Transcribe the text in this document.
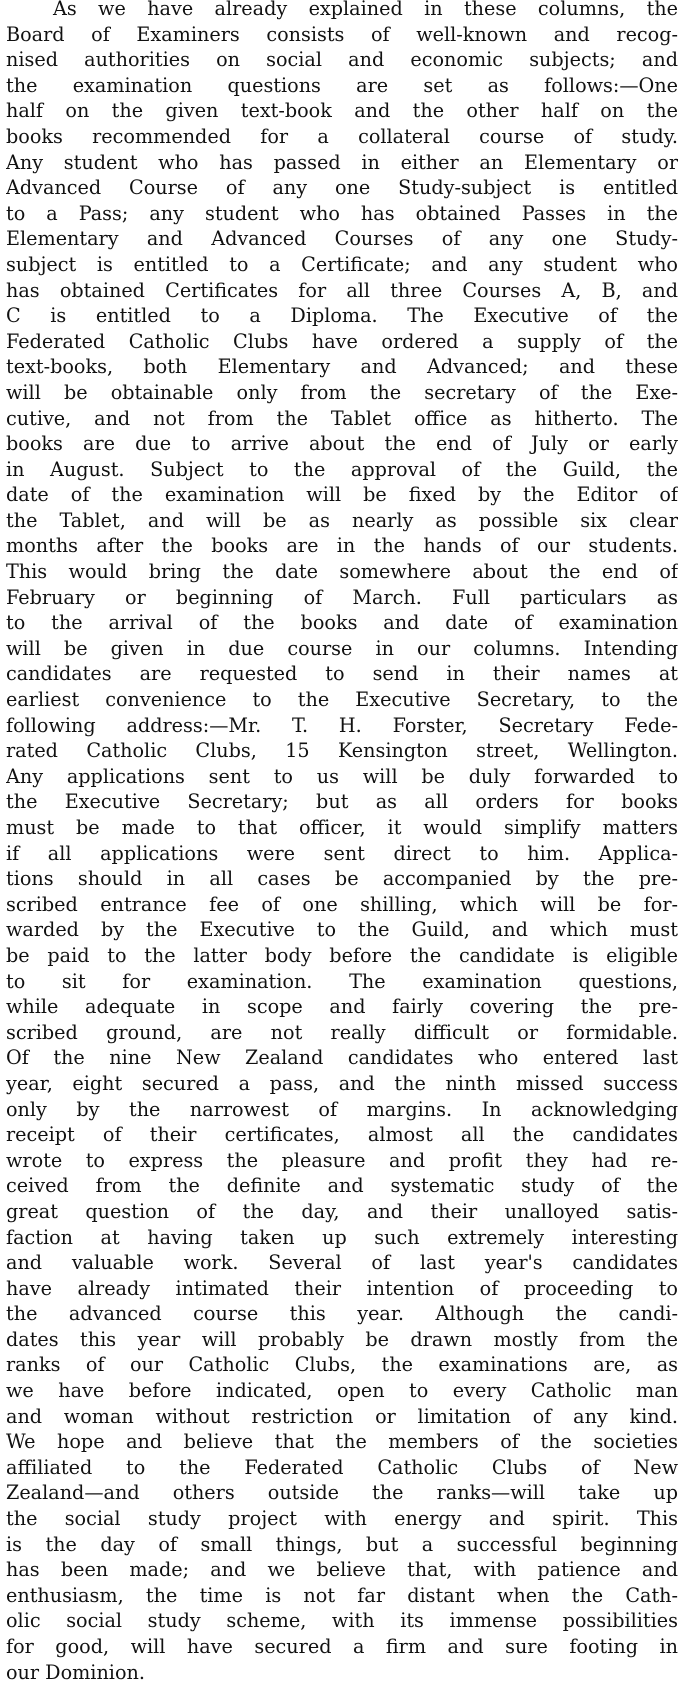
As we have already explained in these columns, the
Board of Examiners consists of well-known and recog-
nised authorities on social and economic subjects; and
the examination questions are set as follows:—One
half on the given text-book and the other half on the
books recommended for a collateral course of study.
Any student who has passed in either an Elementary or
Advanced Course of any one Study-subject is entitled
to a Pass; any student who has obtained Passes in the
Elementary and Advanced Courses of any one Study-
subject is entitled to a Certificate; and any student who
has obtained Certificates for all three Courses A, B, and
C is entitled to a Diploma. The Executive of the
Federated Catholic Clubs have ordered a supply of the
text-books, both Elementary and Advanced; and these
will be obtainable only from the secretary of the Exe-
cutive, and not from the Tablet office as hitherto. The
books are due to arrive about the end of July or early
in August. Subject to the approval of the Guild, the
date of the examination will be fixed by the Editor of
the Tablet, and will be as nearly as possible six clear
months after the books are in the hands of our students.
This would bring the date somewhere about the end of
February or beginning of March. Full particulars as
to the arrival of the books and date of examination
will be given in due course in our columns. Intending
candidates are requested to send in their names at
earliest convenience to the Executive Secretary, to the
following address:—Mr. T. H. Forster, Secretary Fede-
rated Catholic Clubs, 15 Kensington street, Wellington.
Any applications sent to us will be duly forwarded to
the Executive Secretary; but as all orders for books
must be made to that officer, it would simplify matters
if all applications were sent direct to him. Applica-
tions should in all cases be accompanied by the pre-
scribed entrance fee of one shilling, which will be for-
warded by the Executive to the Guild, and which must
be paid to the latter body before the candidate is eligible
to sit for examination. The examination questions,
while adequate in scope and fairly covering the pre-
scribed ground, are not really difficult or formidable.
Of the nine New Zealand candidates who entered last
year, eight secured a pass, and the ninth missed success
only by the narrowest of margins. In acknowledging
receipt of their certificates, almost all the candidates
wrote to express the pleasure and profit they had re-
ceived from the definite and systematic study of the
great question of the day, and their unalloyed satis-
faction at having taken up such extremely interesting
and valuable work. Several of last year's candidates
have already intimated their intention of proceeding to
the advanced course this year. Although the candi-
dates this year will probably be drawn mostly from the
ranks of our Catholic Clubs, the examinations are, as
we have before indicated, open to every Catholic man
and woman without restriction or limitation of any kind.
We hope and believe that the members of the societies
affiliated to the Federated Catholic Clubs of New
Zealand—and others outside the ranks—will take up
the social study project with energy and spirit. This
is the day of small things, but a successful beginning
has been made; and we believe that, with patience and
enthusiasm, the time is not far distant when the Cath-
olic social study scheme, with its immense possibilities
for good, will have secured a firm and sure footing in
our Dominion.
